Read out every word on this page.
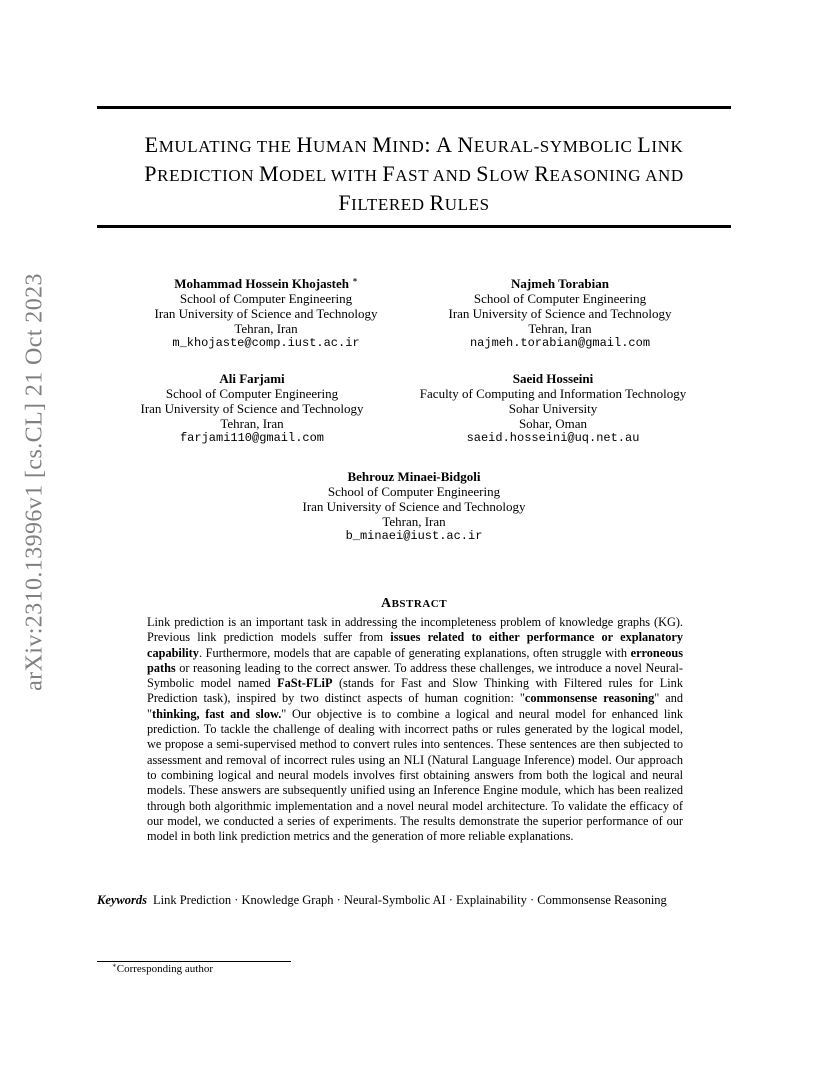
arXiv:2310.13996v1 [cs.CL] 21 Oct 2023
EMULATING THE HUMAN MIND: A NEURAL-SYMBOLIC LINK
PREDICTION MODEL WITH FAST AND SLOW REASONING AND
FILTERED RULES
Mohammad Hossein Khojasteh ∗
School of Computer Engineering
Iran University of Science and Technology
Tehran, Iran
m_khojaste@comp.iust.ac.ir
Najmeh Torabian
School of Computer Engineering
Iran University of Science and Technology
Tehran, Iran
najmeh.torabian@gmail.com
Ali Farjami
School of Computer Engineering
Iran University of Science and Technology
Tehran, Iran
farjami110@gmail.com
Saeid Hosseini
Faculty of Computing and Information Technology
Sohar University
Sohar, Oman
saeid.hosseini@uq.net.au
Behrouz Minaei-Bidgoli
School of Computer Engineering
Iran University of Science and Technology
Tehran, Iran
b_minaei@iust.ac.ir
ABSTRACT

Link prediction is an important task in addressing the incompleteness problem of knowledge graphs (KG). Previous link prediction models suffer from issues related to either performance or explanatory capability. Furthermore, models that are capable of generating explanations, often struggle with erroneous paths or reasoning leading to the correct answer. To address these challenges, we introduce a novel Neural-Symbolic model named FaSt-FLiP (stands for Fast and Slow Thinking with Filtered rules for Link Prediction task), inspired by two distinct aspects of human cognition: "commonsense reasoning" and "thinking, fast and slow." Our objective is to combine a logical and neural model for enhanced link prediction. To tackle the challenge of dealing with incorrect paths or rules generated by the logical model, we propose a semi-supervised method to convert rules into sentences. These sentences are then subjected to assessment and removal of incorrect rules using an NLI (Natural Language Inference) model. Our approach to combining logical and neural models involves first obtaining answers from both the logical and neural models. These answers are subsequently unified using an Inference Engine module, which has been realized through both algorithmic implementation and a novel neural model architecture. To validate the efficacy of our model, we conducted a series of experiments. The results demonstrate the superior performance of our model in both link prediction metrics and the generation of more reliable explanations.

Keywords Link Prediction · Knowledge Graph · Neural-Symbolic AI · Explainability · Commonsense Reasoning
∗Corresponding author
